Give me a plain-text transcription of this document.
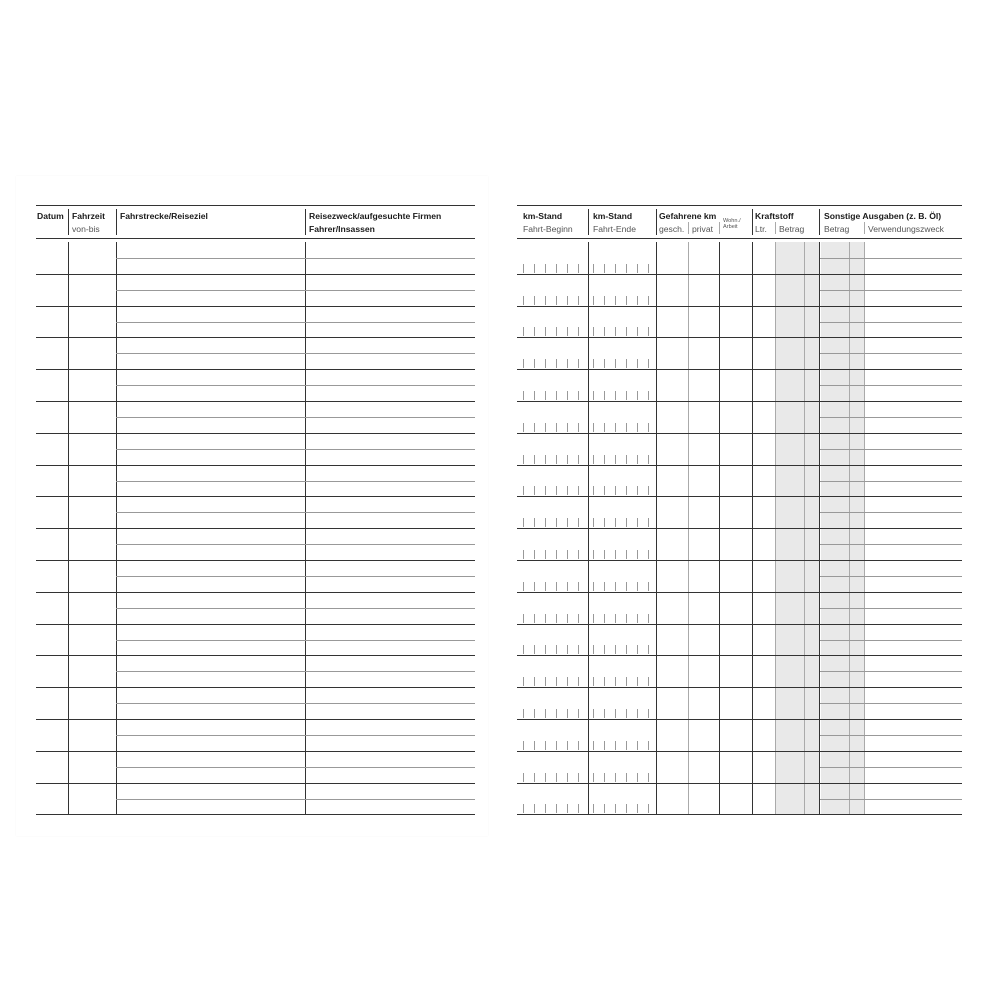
Datum Fahrzeit
von-bis
Fahrstrecke/Reiseziel	Reisezweck/aufgesuchte Firmen
Fahrer/Insassen
km-Stand
Fahrt-Beginn
km-Stand
Fahrt-Ende
Gefahrene km
gesch. privat
Wohn./
Arbeit
Kraftstoff
Ltr. Betrag
Sonstige Ausgaben (z. B. Öl)
Betrag Verwendungszweck
